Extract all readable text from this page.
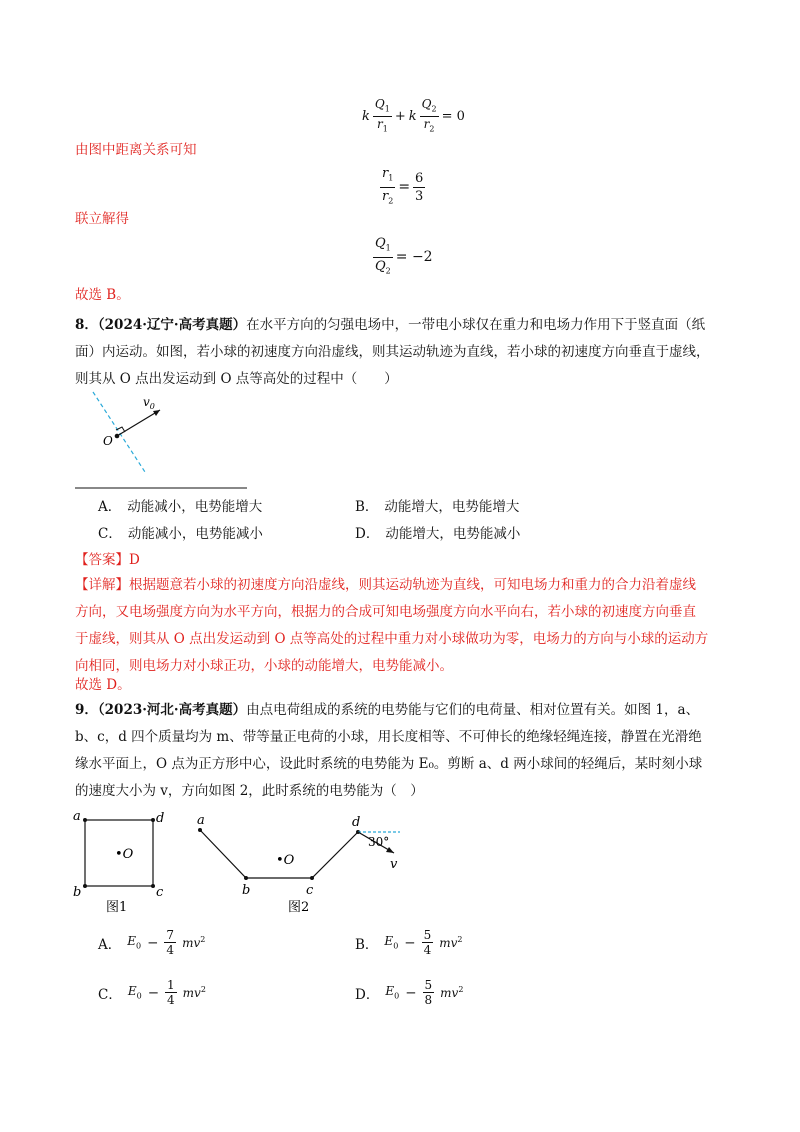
k $\frac{Q_1}{r_1} + k \frac{Q_2}{r_2} = 0$
由图中距离关系可知
$\frac{r_1}{r_2} = \frac{6}{3}$
联立解得
$\frac{Q_1}{Q_2} = -2$
故选 B。
8．（2024·辽宁·高考真题）在水平方向的匀强电场中，一带电小球仅在重力和电场力作用下于竖直面（纸
面）内运动。如图，若小球的初速度方向沿虚线，则其运动轨迹为直线，若小球的初速度方向垂直于虚线，
则其从 O 点出发运动到 O 点等高处的过程中（　　）
$v_0$
O
A． 动能减小，电势能增大	B． 动能增大，电势能增大
C． 动能减小，电势能减小	D． 动能增大，电势能减小
【答案】D
【详解】根据题意若小球的初速度方向沿虚线，则其运动轨迹为直线，可知电场力和重力的合力沿着虚线
方向，又电场强度方向为水平方向，根据力的合成可知电场强度方向水平向右，若小球的初速度方向垂直
于虚线，则其从 O 点出发运动到 O 点等高处的过程中重力对小球做功为零，电场力的方向与小球的运动方
向相同，则电场力对小球正功，小球的动能增大，电势能减小。
故选 D。
9．（2023·河北·高考真题）由点电荷组成的系统的电势能与它们的电荷量、相对位置有关。如图 1，a、
b、c，d 四个质量均为 m、带等量正电荷的小球，用长度相等、不可伸长的绝缘轻绳连接，静置在光滑绝
缘水平面上，O 点为正方形中心，设此时系统的电势能为 E₀。剪断 a、d 两小球间的轻绳后，某时刻小球
的速度大小为 v，方向如图 2，此时系统的电势能为（　）
a	d
b	c
•O
图1
a
b	c
d
•O	v
30°
图2
A． $E_0 - \frac{7}{4} mv^2$	B． $E_0 - \frac{5}{4} mv^2$
C． $E_0 - \frac{1}{4} mv^2$	D． $E_0 - \frac{5}{8} mv^2$
